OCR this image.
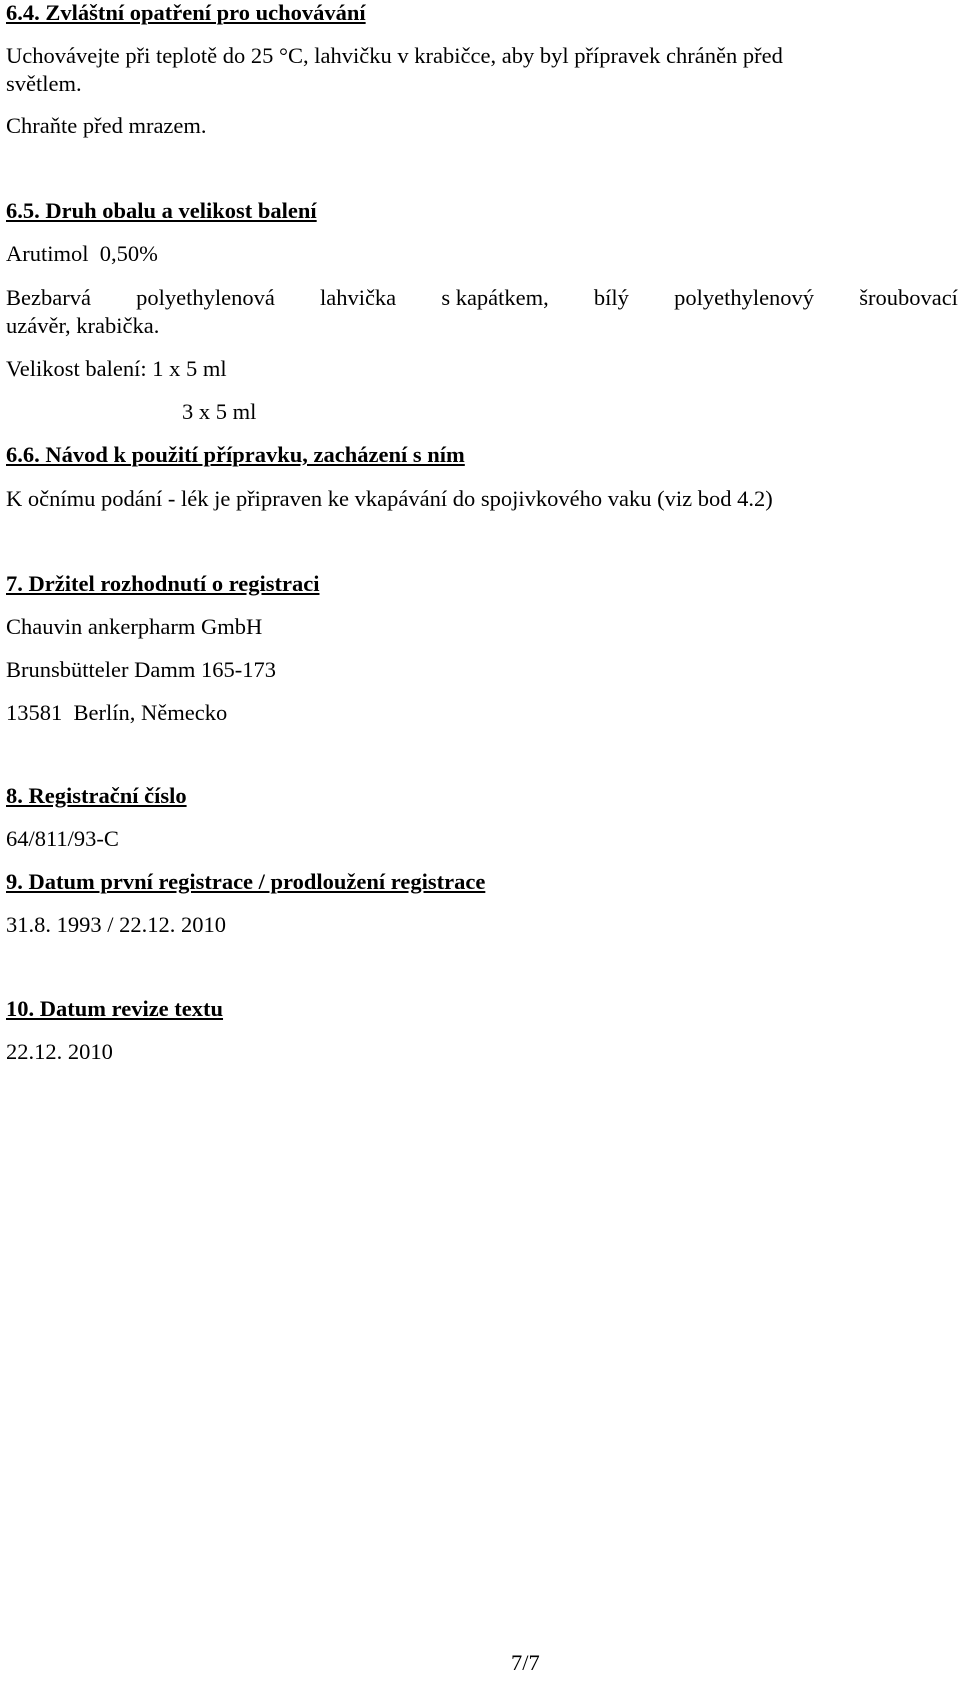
6.4. Zvláštní opatření pro uchovávání
Uchovávejte při teplotě do 25 °C, lahvičku v krabičce, aby byl přípravek chráněn před
světlem.
Chraňte před mrazem.
6.5. Druh obalu a velikost balení
Arutimol  0,50%
Bezbarvá polyethylenová lahvička s kapátkem, bílý polyethylenový šroubovací
uzávěr, krabička.
Velikost balení: 1 x 5 ml
3 x 5 ml
6.6. Návod k použití přípravku, zacházení s ním
K očnímu podání - lék je připraven ke vkapávání do spojivkového vaku (viz bod 4.2)
7. Držitel rozhodnutí o registraci
Chauvin ankerpharm GmbH
Brunsbütteler Damm 165-173
13581  Berlín, Německo
8. Registrační číslo
64/811/93-C
9. Datum první registrace / prodloužení registrace
31.8. 1993 / 22.12. 2010
10. Datum revize textu
22.12. 2010
7/7
